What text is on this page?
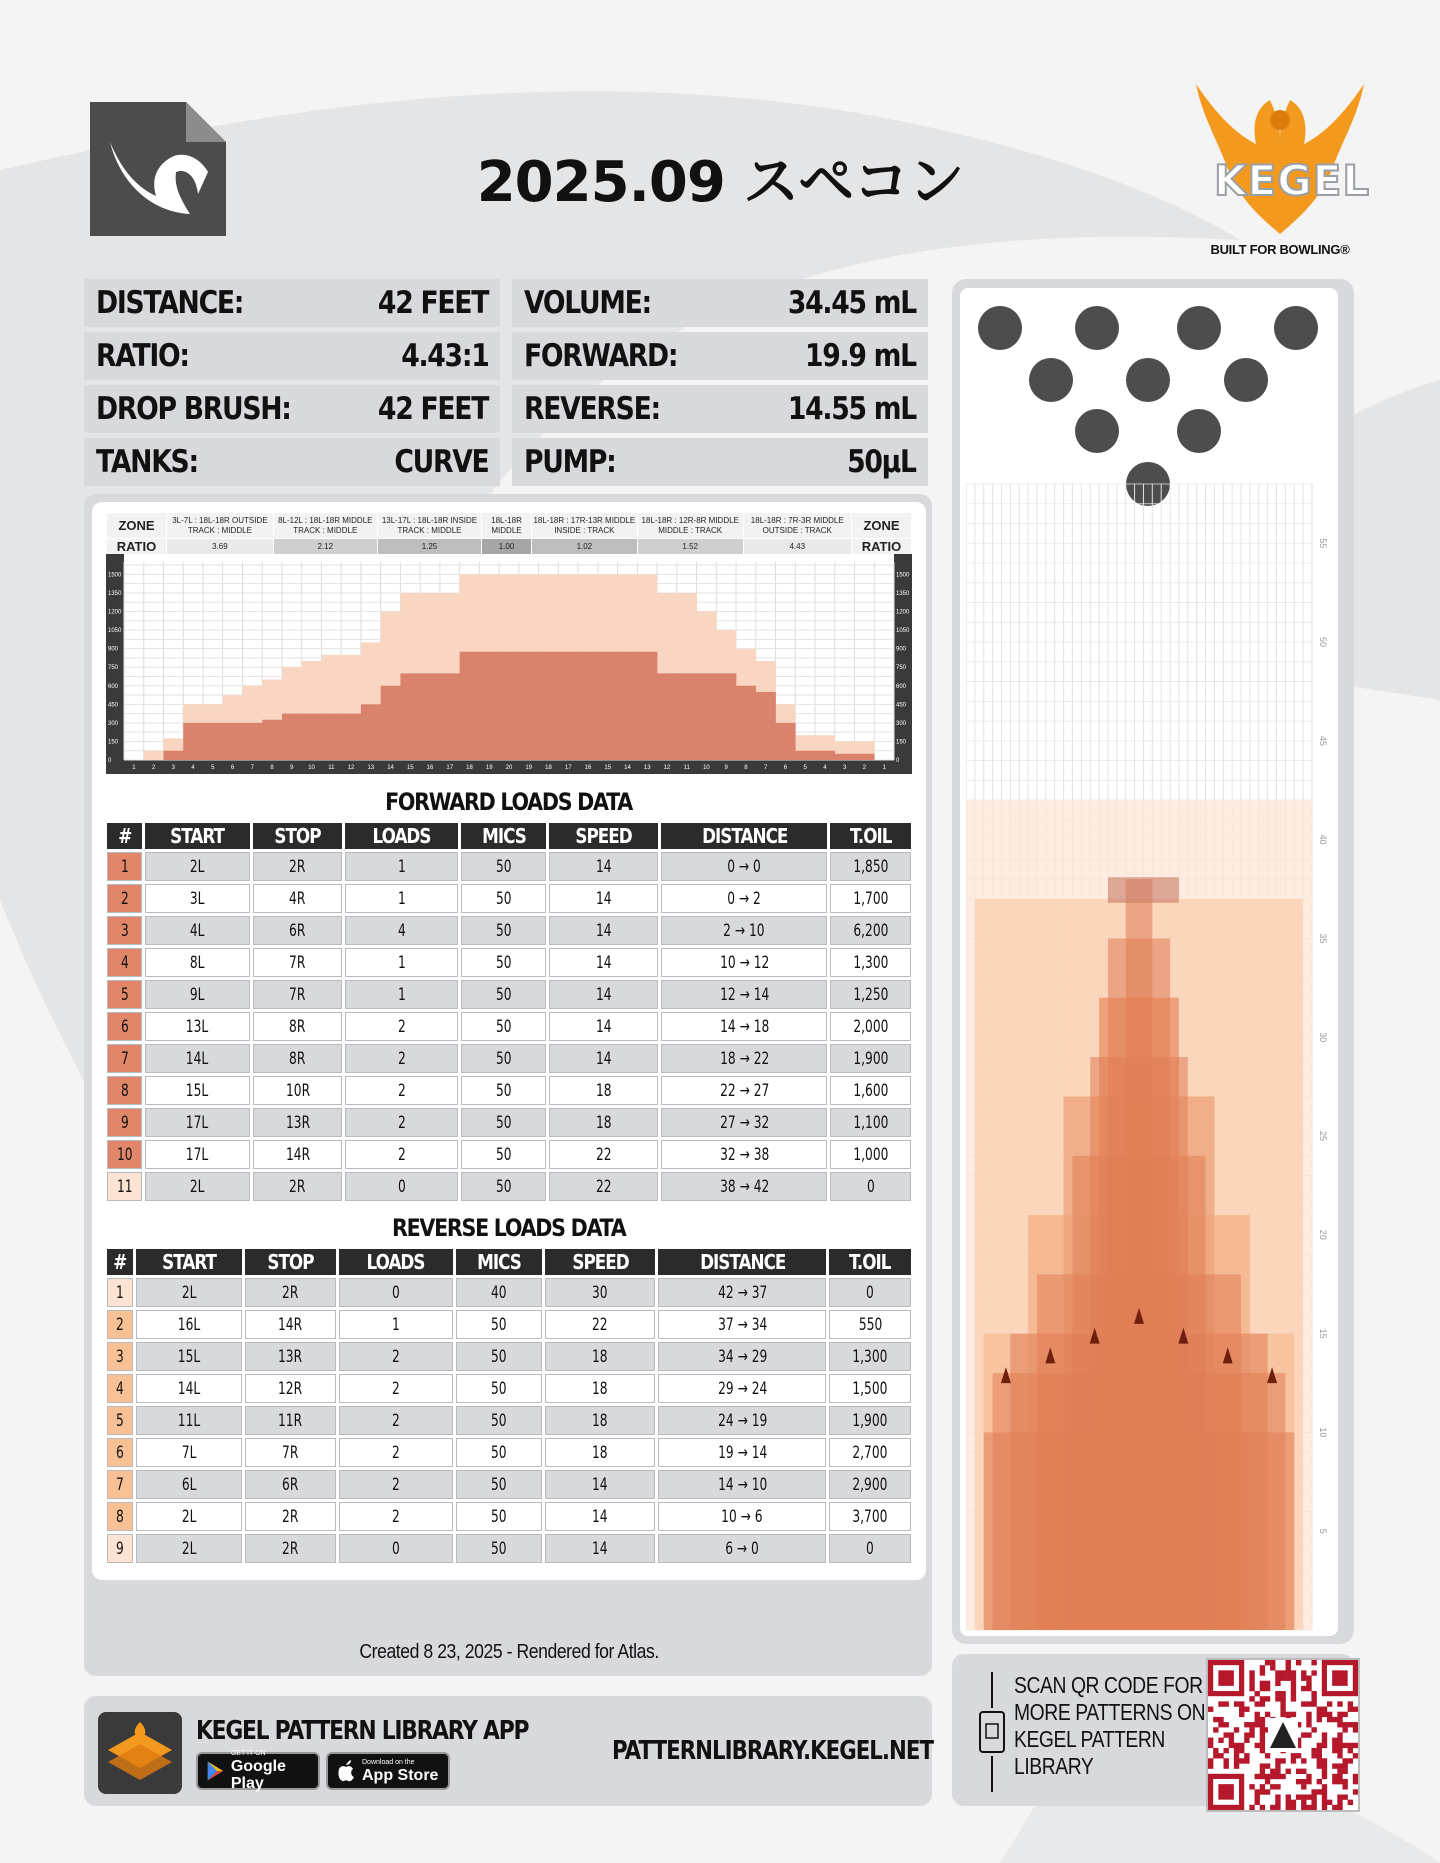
2025.09 スペコン	KEGEL
BUILT FOR BOWLING®
DISTANCE:	42 FEET VOLUME:	34.45 mL
RATIO:	4.43:1 FORWARD:	19.9 mL
DROP BRUSH:	42 FEET REVERSE:	14.55 mL
TANKS:	CURVE PUMP:	50µL
ZONE	3L-7L : 18L-18R OUTSIDE TRACK : MIDDLE	8L-12L : 18L-18R MIDDLE TRACK : MIDDLE	13L-17L : 18L-18R INSIDE TRACK : MIDDLE	18L-18R MIDDLE	18L-18R : 17R-13R MIDDLE INSIDE : TRACK	18L-18R : 12R-8R MIDDLE MIDDLE : TRACK	18L-18R : 7R-3R MIDDLE OUTSIDE : TRACK	ZONE
RATIO	3.69	2.12	1.25	1.00	1.02	1.52	4.43	RATIO
0	0
150	150
300	300
450	450
600	600
750	750
900	900
1050	1050
1200	1200
1350	1350
1500	1500
1	2	3	4	5	6	7	8	9 10 11 12 13 14 15 16 17 18 19 20 19 18 17 16 15 14 13 12 11 10 9	8	7	6	5	4	3	2	1
FORWARD LOADS DATA
#	START	STOP	LOADS	MICS	SPEED	DISTANCE	T.OIL
1	2L	2R	1	50	14	0 → 0	1,850
2	3L	4R	1	50	14	0 → 2	1,700
3	4L	6R	4	50	14	2 → 10	6,200
4	8L	7R	1	50	14	10 → 12	1,300
5	9L	7R	1	50	14	12 → 14	1,250
6	13L	8R	2	50	14	14 → 18	2,000
7	14L	8R	2	50	14	18 → 22	1,900
8	15L	10R	2	50	18	22 → 27	1,600
9	17L	13R	2	50	18	27 → 32	1,100
10	17L	14R	2	50	22	32 → 38	1,000
11	2L	2R	0	50	22	38 → 42	0
REVERSE LOADS DATA
#	START	STOP	LOADS	MICS	SPEED	DISTANCE	T.OIL
1	2L	2R	0	40	30	42 → 37	0
2	16L	14R	1	50	22	37 → 34	550
3	15L	13R	2	50	18	34 → 29	1,300
4	14L	12R	2	50	18	29 → 24	1,500
5	11L	11R	2	50	18	24 → 19	1,900
6	7L	7R	2	50	18	19 → 14	2,700
7	6L	6R	2	50	14	14 → 10	2,900
8	2L	2R	2	50	14	10 → 6	3,700
9	2L	2R	0	50	14	6 → 0	0
Created 8 23, 2025 - Rendered for Atlas.
KEGEL PATTERN LIBRARY APP
GET IT ON
Google Play
Download on the
App Store
PATTERNLIBRARY.KEGEL.NET
5
10
15
20
25
30
35
40
45
50
55
SCAN QR CODE FOR
MORE PATTERNS ON
KEGEL PATTERN
LIBRARY
